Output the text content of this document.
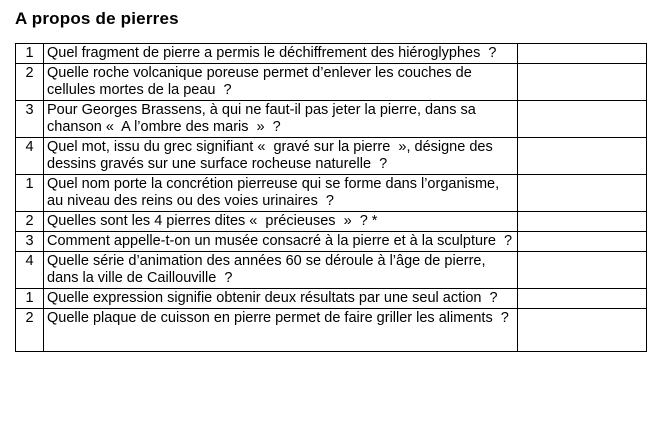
A propos de pierres
1	Quel fragment de pierre a permis le déchiffrement des hiéroglyphes  ?	
2	Quelle roche volcanique poreuse permet d’enlever les couches de cellules mortes de la peau  ?	
3	Pour Georges Brassens, à qui ne faut-il pas jeter la pierre, dans sa chanson «  A l’ombre des maris  »  ?	
4	Quel mot, issu du grec signifiant «  gravé sur la pierre  », désigne des dessins gravés sur une surface rocheuse naturelle  ?	
1	Quel nom porte la concrétion pierreuse qui se forme dans l’organisme, au niveau des reins ou des voies urinaires  ?	
2	Quelles sont les 4 pierres dites «  précieuses  »  ? *	
3	Comment appelle-t-on un musée consacré à la pierre et à la sculpture  ?	
4	Quelle série d’animation des années 60 se déroule à l’âge de pierre, dans la ville de Caillouville  ?	
1	Quelle expression signifie obtenir deux résultats par une seul action  ?	
2	Quelle plaque de cuisson en pierre permet de faire griller les aliments  ?	
